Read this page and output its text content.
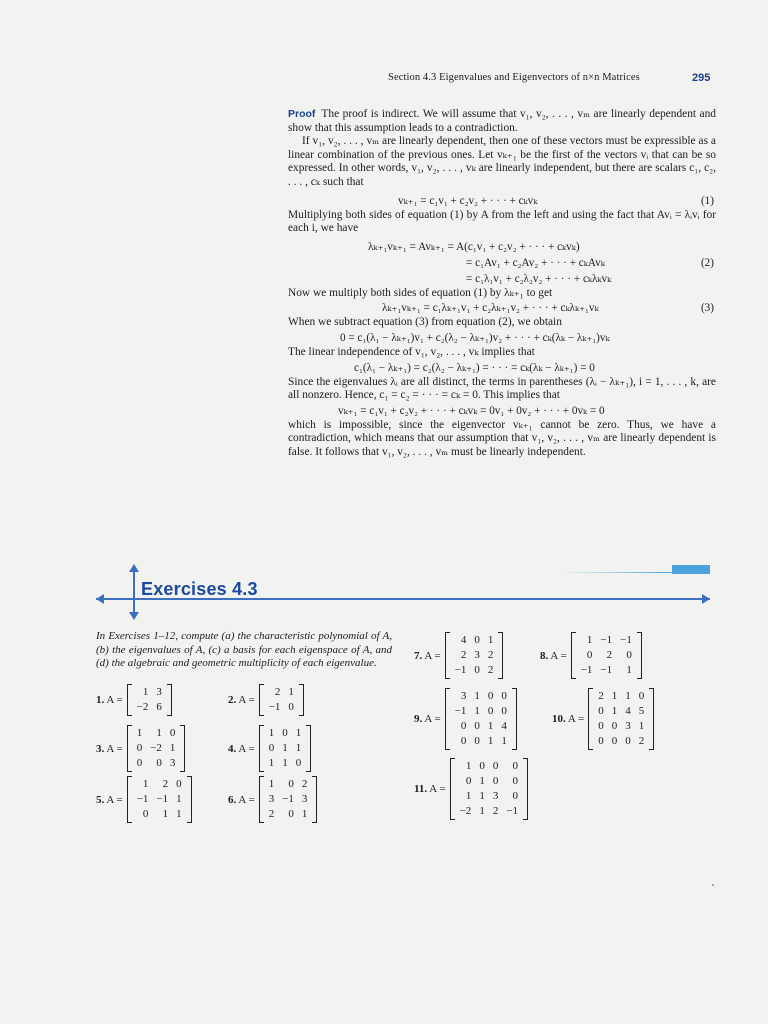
Section 4.3 Eigenvalues and Eigenvectors of n×n Matrices	295

Proof The proof is indirect. We will assume that v₁, v₂, . . . , vₘ are linearly dependent and show that this assumption leads to a contradiction.

If v₁, v₂, . . . , vₘ are linearly dependent, then one of these vectors must be expressible as a linear combination of the previous ones. Let vₖ₊₁ be the first of the vectors vᵢ that can be so expressed. In other words, v₁, v₂, . . . , vₖ are linearly independent, but there are scalars c₁, c₂, . . . , cₖ such that

vₖ₊₁ = c₁v₁ + c₂v₂ + · · · + cₖvₖ	(1)

Multiplying both sides of equation (1) by A from the left and using the fact that Avᵢ = λᵢvᵢ for each i, we have

λₖ₊₁vₖ₊₁ = Avₖ₊₁ = A(c₁v₁ + c₂v₂ + · · · + cₖvₖ)
= c₁Av₁ + c₂Av₂ + · · · + cₖAvₖ	(2)
= c₁λ₁v₁ + c₂λ₂v₂ + · · · + cₖλₖvₖ

Now we multiply both sides of equation (1) by λₖ₊₁ to get

λₖ₊₁vₖ₊₁ = c₁λₖ₊₁v₁ + c₂λₖ₊₁v₂ + · · · + cₖλₖ₊₁vₖ	(3)

When we subtract equation (3) from equation (2), we obtain

0 = c₁(λ₁ − λₖ₊₁)v₁ + c₂(λ₂ − λₖ₊₁)v₂ + · · · + cₖ(λₖ − λₖ₊₁)vₖ

The linear independence of v₁, v₂, . . . , vₖ implies that

c₁(λ₁ − λₖ₊₁) = c₂(λ₂ − λₖ₊₁) = · · · = cₖ(λₖ − λₖ₊₁) = 0

Since the eigenvalues λᵢ are all distinct, the terms in parentheses (λᵢ − λₖ₊₁), i = 1, . . . , k, are all nonzero. Hence, c₁ = c₂ = · · · = cₖ = 0. This implies that

vₖ₊₁ = c₁v₁ + c₂v₂ + · · · + cₖvₖ = 0v₁ + 0v₂ + · · · + 0vₖ = 0

which is impossible, since the eigenvector vₖ₊₁ cannot be zero. Thus, we have a contradiction, which means that our assumption that v₁, v₂, . . . , vₘ are linearly dependent is false. It follows that v₁, v₂, . . . , vₘ must be linearly independent.

Exercises 4.3
In Exercises 1–12, compute (a) the characteristic polynomial of A, (b) the eigenvalues of A, (c) a basis for each eigenspace of A, and (d) the algebraic and geometric multiplicity of each eigenvalue.
1. A =
1 3
−2 6
2. A =
2 1
−1 0
3. A =
1	1 0
0 −2 1
0	0 3
4. A =
1 0 1
0 1 1
1 1 0
5. A =
1	2 0
−1 −1 1
0	1 1
6. A =
1	0 2
3 −1 3
2	0 1
7. A =
4 0 1
2 3 2
−1 0 2
8. A =
1 −1 −1
0	2	0
−1 −1	1
9. A =
3 1 0 0
−1 1 0 0
0 0 1 4
0 0 1 1
10. A =
2 1 1 0
0 1 4 5
0 0 3 1
0 0 0 2
11. A =
1 0 0	0
0 1 0	0
1 1 3	0
−2 1 2 −1
